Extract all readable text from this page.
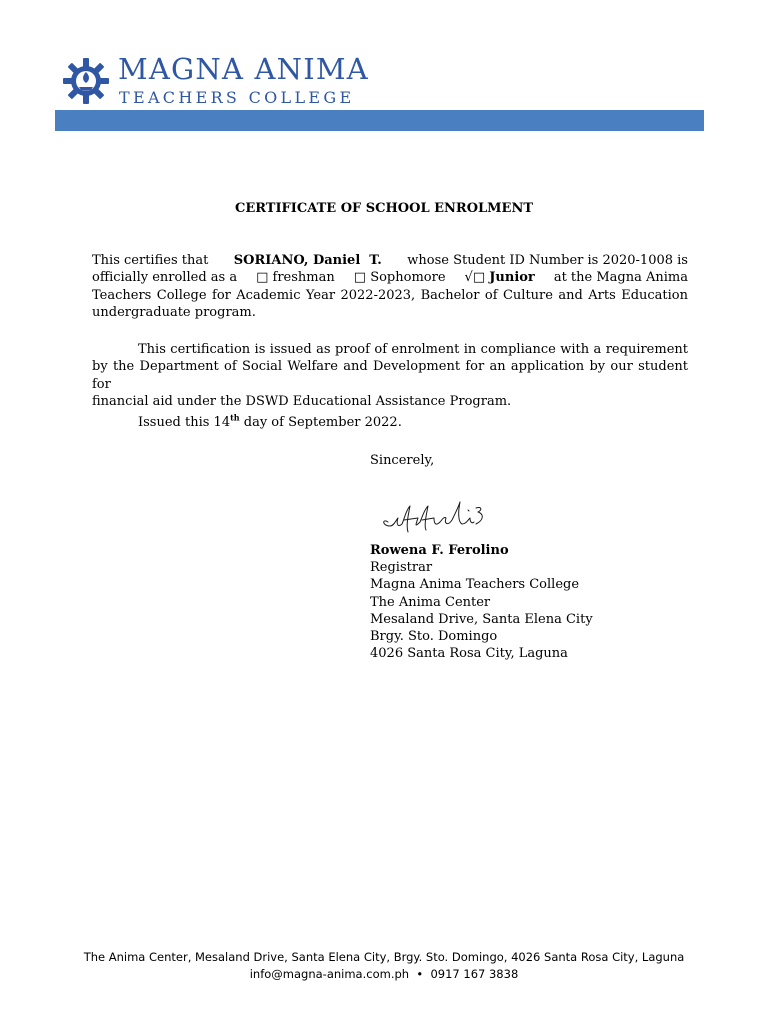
MAGNA ANIMA
TEACHERS COLLEGE
CERTIFICATE OF SCHOOL ENROLMENT
This certifies that SORIANO, Daniel  T. whose Student ID Number is 2020-1008 is
officially enrolled as a □ freshman □ Sophomore √□ Junior at the Magna Anima
Teachers College for Academic Year 2022-2023, Bachelor of Culture and Arts Education
undergraduate program.
This certification is issued as proof of enrolment in compliance with a requirement
by the Department of Social Welfare and Development for an application by our student for
financial aid under the DSWD Educational Assistance Program.
Issued this 14th day of September 2022.
Sincerely,
Rowena F. Ferolino
Registrar
Magna Anima Teachers College
The Anima Center
Mesaland Drive, Santa Elena City
Brgy. Sto. Domingo
4026 Santa Rosa City, Laguna
The Anima Center, Mesaland Drive, Santa Elena City, Brgy. Sto. Domingo, 4026 Santa Rosa City, Laguna
info@magna-anima.com.ph  •  0917 167 3838
